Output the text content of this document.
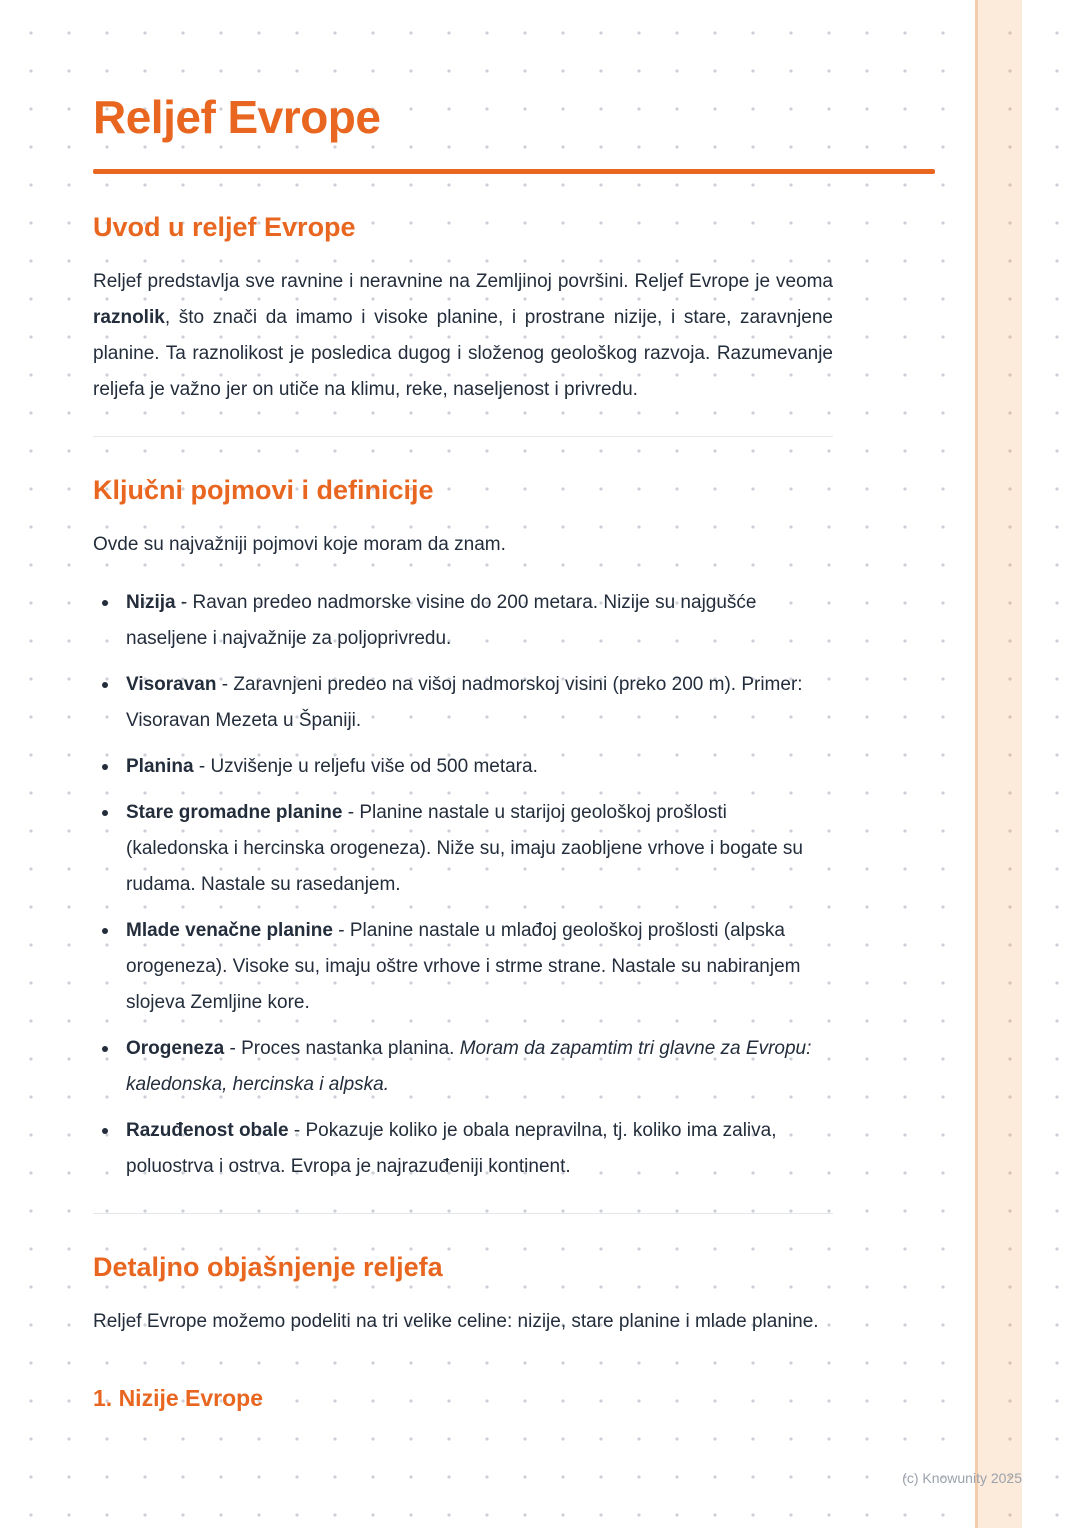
Reljef Evrope
Uvod u reljef Evrope

Reljef predstavlja sve ravnine i neravnine na Zemljinoj površini. Reljef Evrope je veoma raznolik, što znači da imamo i visoke planine, i prostrane nizije, i stare, zaravnjene planine. Ta raznolikost je posledica dugog i složenog geološkog razvoja. Razumevanje reljefa je važno jer on utiče na klimu, reke, naseljenost i privredu.

Ključni pojmovi i definicije

Ovde su najvažniji pojmovi koje moram da znam.

Nizija - Ravan predeo nadmorske visine do 200 metara. Nizije su najgušće naseljene i najvažnije za poljoprivredu.
Visoravan - Zaravnjeni predeo na višoj nadmorskoj visini (preko 200 m). Primer: Visoravan Mezeta u Španiji.
Planina - Uzvišenje u reljefu više od 500 metara.
Stare gromadne planine - Planine nastale u starijoj geološkoj prošlosti (kaledonska i hercinska orogeneza). Niže su, imaju zaobljene vrhove i bogate su rudama. Nastale su rasedanjem.
Mlade venačne planine - Planine nastale u mlađoj geološkoj prošlosti (alpska orogeneza). Visoke su, imaju oštre vrhove i strme strane. Nastale su nabiranjem slojeva Zemljine kore.
Orogeneza - Proces nastanka planina. Moram da zapamtim tri glavne za Evropu: kaledonska, hercinska i alpska.
Razuđenost obale - Pokazuje koliko je obala nepravilna, tj. koliko ima zaliva, poluostrva i ostrva. Evropa je najrazuđeniji kontinent.
Detaljno objašnjenje reljefa

Reljef Evrope možemo podeliti na tri velike celine: nizije, stare planine i mlade planine.

1. Nizije Evrope
(c) Knowunity 2025
